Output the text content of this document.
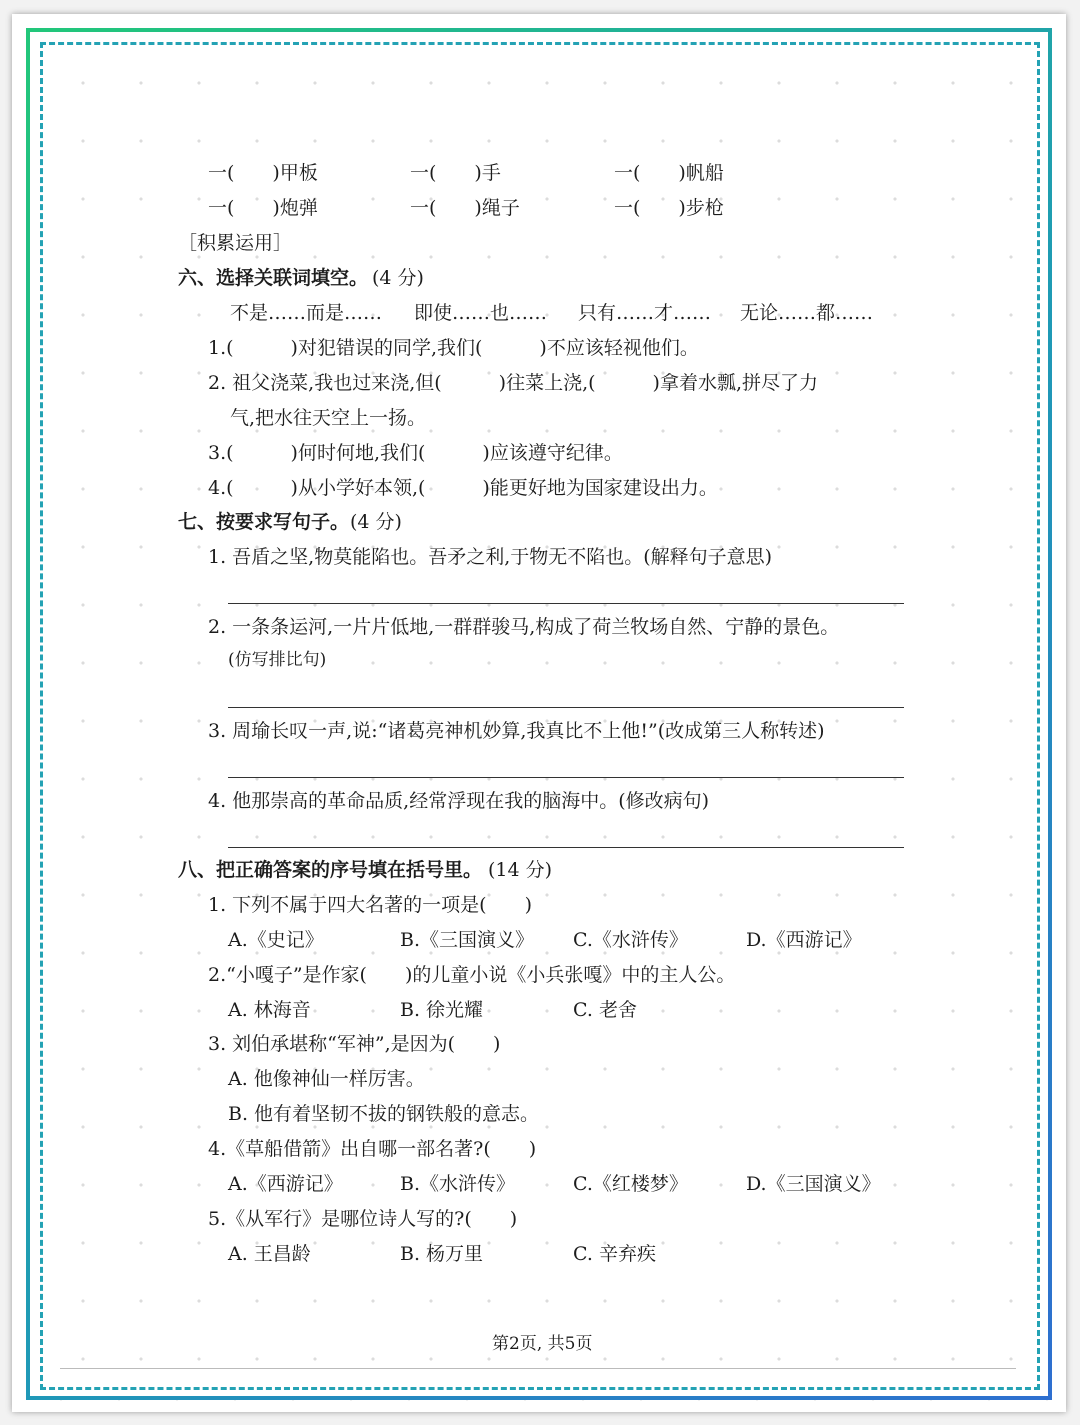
一(　　)甲板	一(　　)手	一(　　)帆船
一(　　)炮弹	一(　　)绳子	一(　　)步枪
［积累运用］
六、选择关联词填空。 (4 分)
不是……而是…… 即使……也…… 只有……才…… 无论……都……
1.(　　　)对犯错误的同学,我们(　　　)不应该轻视他们。
2. 祖父浇菜,我也过来浇,但(　　　)往菜上浇,(　　　)拿着水瓢,拼尽了力
气,把水往天空上一扬。
3.(　　　)何时何地,我们(　　　)应该遵守纪律。
4.(　　　)从小学好本领,(　　　)能更好地为国家建设出力。
七、按要求写句子。 (4 分)
1. 吾盾之坚,物莫能陷也。吾矛之利,于物无不陷也。(解释句子意思)
2. 一条条运河,一片片低地,一群群骏马,构成了荷兰牧场自然、宁静的景色。
(仿写排比句)
3. 周瑜长叹一声,说:“诸葛亮神机妙算,我真比不上他!”(改成第三人称转述)
4. 他那崇高的革命品质,经常浮现在我的脑海中。(修改病句)
八、把正确答案的序号填在括号里。 (14 分)
1. 下列不属于四大名著的一项是(　　)
A.《史记》	B.《三国演义》 C.《水浒传》	D.《西游记》
2.“小嘎子”是作家(　　)的儿童小说《小兵张嘎》中的主人公。
A. 林海音	B. 徐光耀	C. 老舍
3. 刘伯承堪称“军神”,是因为(　　)
A. 他像神仙一样厉害。
B. 他有着坚韧不拔的钢铁般的意志。
4.《草船借箭》出自哪一部名著?(　　)
A.《西游记》	B.《水浒传》	C.《红楼梦》	D.《三国演义》
5.《从军行》是哪位诗人写的?(　　)
A. 王昌龄	B. 杨万里	C. 辛弃疾
第2页, 共5页
